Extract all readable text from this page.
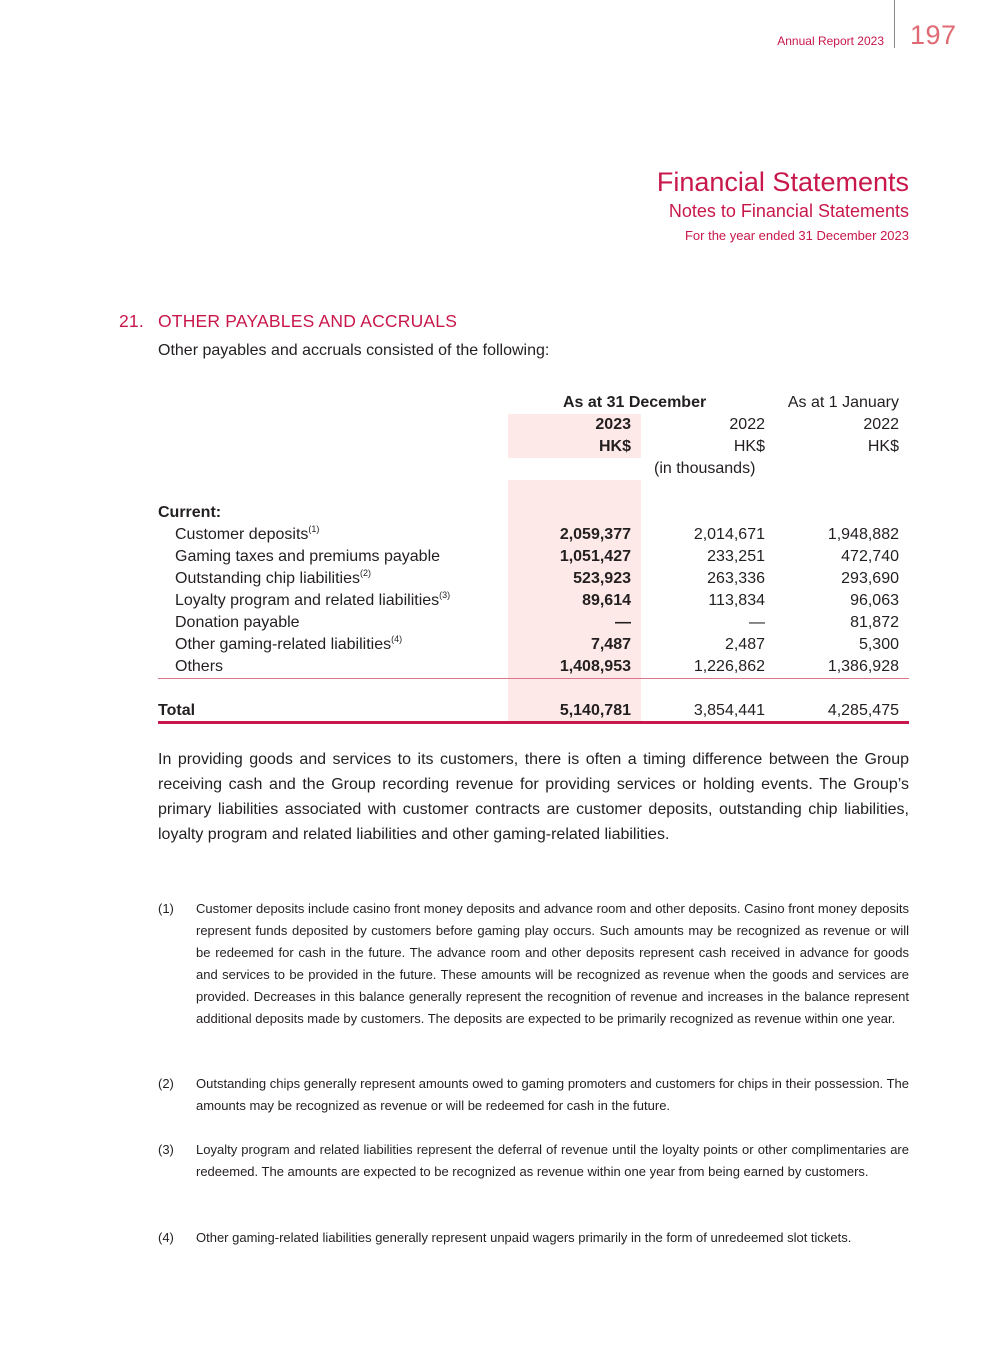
Annual Report 2023 197
Financial Statements
Notes to Financial Statements
For the year ended 31 December 2023
21. OTHER PAYABLES AND ACCRUALS
Other payables and accruals consisted of the following:
As at 31 December	As at 1 January
2023	2022	2022
HK$	HK$	HK$
(in thousands)
Current:
Customer deposits$^{(1)}$	2,059,377	2,014,671	1,948,882
Gaming taxes and premiums payable	1,051,427	233,251	472,740
Outstanding chip liabilities$^{(2)}$	523,923	263,336	293,690
Loyalty program and related liabilities$^{(3)}$	89,614	113,834	96,063
Donation payable	—	—	81,872
Other gaming-related liabilities$^{(4)}$	7,487	2,487	5,300
Others	1,408,953	1,226,862	1,386,928
Total	5,140,781	3,854,441	4,285,475
In providing goods and services to its customers, there is often a timing difference between the Group receiving cash and the Group recording revenue for providing services or holding events. The Group’s primary liabilities associated with customer contracts are customer deposits, outstanding chip liabilities, loyalty program and related liabilities and other gaming-related liabilities.
(1) Customer deposits include casino front money deposits and advance room and other deposits. Casino front money deposits represent funds deposited by customers before gaming play occurs. Such amounts may be recognized as revenue or will be redeemed for cash in the future. The advance room and other deposits represent cash received in advance for goods and services to be provided in the future. These amounts will be recognized as revenue when the goods and services are provided. Decreases in this balance generally represent the recognition of revenue and increases in the balance represent additional deposits made by customers. The deposits are expected to be primarily recognized as revenue within one year.
(2) Outstanding chips generally represent amounts owed to gaming promoters and customers for chips in their possession. The amounts may be recognized as revenue or will be redeemed for cash in the future.
(3) Loyalty program and related liabilities represent the deferral of revenue until the loyalty points or other complimentaries are redeemed. The amounts are expected to be recognized as revenue within one year from being earned by customers.
(4) Other gaming-related liabilities generally represent unpaid wagers primarily in the form of unredeemed slot tickets.
